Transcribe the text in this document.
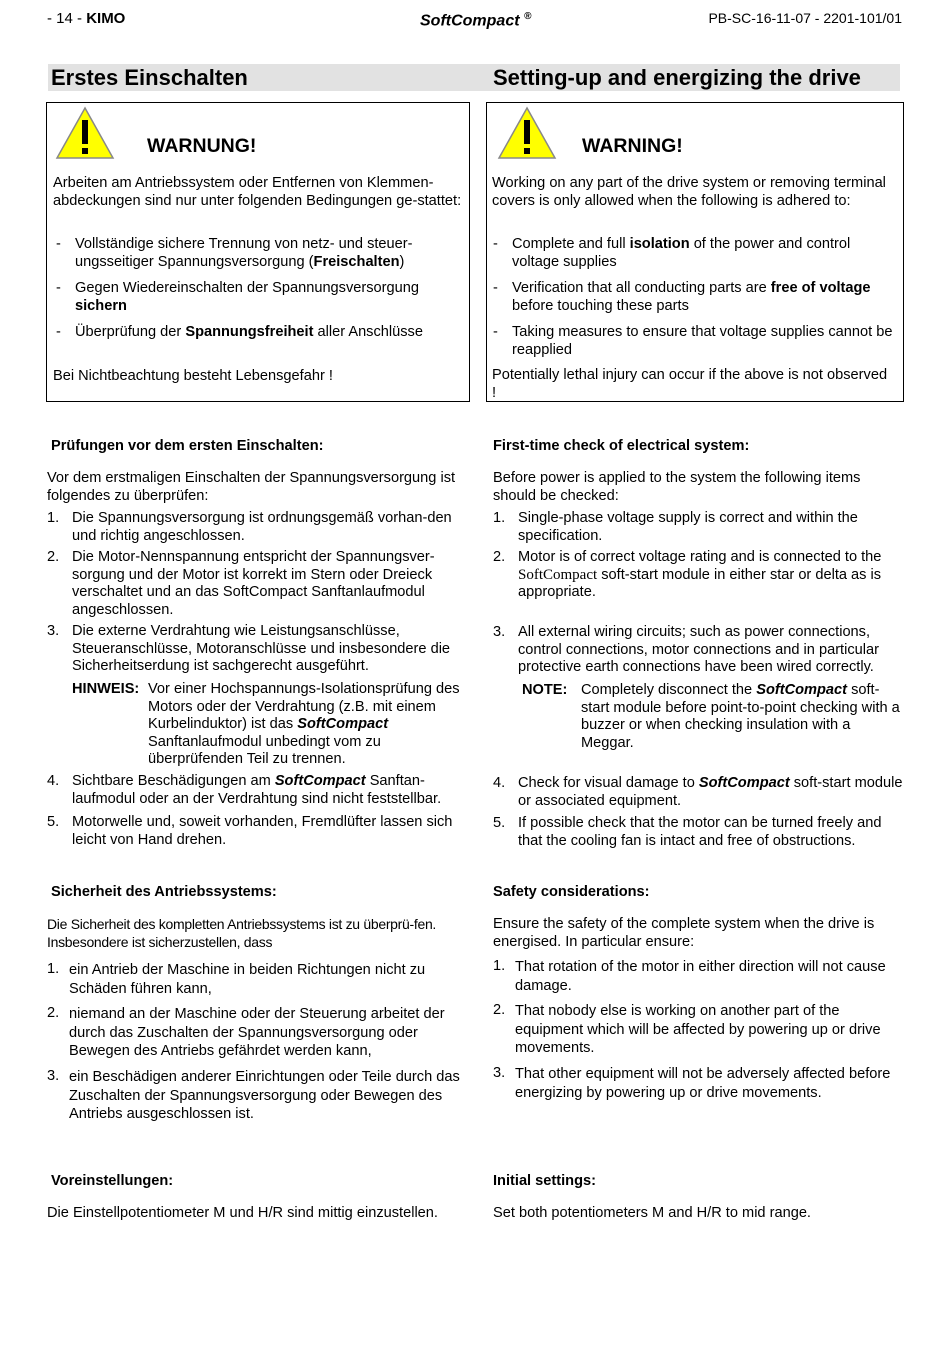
- 14 - KIMO	SoftCompact ®	PB-SC-16-11-07 - 2201-101/01
Erstes Einschalten	Setting-up and energizing the drive
WARNUNG!	WARNING!
Arbeiten am Antriebssystem oder Entfernen von Klemmen-abdeckungen sind nur unter folgenden Bedingungen ge-stattet:
- Vollständige sichere Trennung von netz- und steuer-ungsseitiger Spannungsversorgung (Freischalten)
- Gegen Wiedereinschalten der Spannungsversorgung sichern
- Überprüfung der Spannungsfreiheit aller Anschlüsse
Bei Nichtbeachtung besteht Lebensgefahr !
Working on any part of the drive system or removing terminal covers is only allowed when the following is adhered to:
- Complete and full isolation of the power and control voltage supplies
- Verification that all conducting parts are free of voltage before touching these parts
- Taking measures to ensure that voltage supplies cannot be reapplied
Potentially lethal injury can occur if the above is not observed !
Prüfungen vor dem ersten Einschalten:
Vor dem erstmaligen Einschalten der Spannungsversorgung ist folgendes zu überprüfen:
1. Die Spannungsversorgung ist ordnungsgemäß vorhan-den und richtig angeschlossen.
2. Die Motor-Nennspannung entspricht der Spannungsver-sorgung und der Motor ist korrekt im Stern oder Dreieck verschaltet und an das SoftCompact Sanftanlaufmodul angeschlossen.
3. Die externe Verdrahtung wie Leistungsanschlüsse, Steueranschlüsse, Motoranschlüsse und insbesondere die Sicherheitserdung ist sachgerecht ausgeführt.
HINWEIS: Vor einer Hochspannungs-Isolationsprüfung des Motors oder der Verdrahtung (z.B. mit einem Kurbelinduktor) ist das SoftCompact Sanftanlaufmodul unbedingt vom zu überprüfenden Teil zu trennen.
4. Sichtbare Beschädigungen am SoftCompact Sanftan-laufmodul oder an der Verdrahtung sind nicht feststellbar.
5. Motorwelle und, soweit vorhanden, Fremdlüfter lassen sich leicht von Hand drehen.
First-time check of electrical system:
Before power is applied to the system the following items should be checked:
1. Single-phase voltage supply is correct and within the specification.
2. Motor is of correct voltage rating and is connected to the SoftCompact soft-start module in either star or delta as is appropriate.
3. All external wiring circuits; such as power connections, control connections, motor connections and in particular protective earth connections have been wired correctly.
NOTE: Completely disconnect the SoftCompact soft-start module before point-to-point checking with a buzzer or when checking insulation with a Meggar.
4. Check for visual damage to SoftCompact soft-start module or associated equipment.
5. If possible check that the motor can be turned freely and that the cooling fan is intact and free of obstructions.
Sicherheit des Antriebssystems:
Die Sicherheit des kompletten Antriebssystems ist zu überprü-fen. Insbesondere ist sicherzustellen, dass
1. ein Antrieb der Maschine in beiden Richtungen nicht zu Schäden führen kann,
2. niemand an der Maschine oder der Steuerung arbeitet der durch das Zuschalten der Spannungsversorgung oder Bewegen des Antriebs gefährdet werden kann,
3. ein Beschädigen anderer Einrichtungen oder Teile durch das Zuschalten der Spannungsversorgung oder Bewegen des Antriebs ausgeschlossen ist.
Safety considerations:
Ensure the safety of the complete system when the drive is energised. In particular ensure:
1. That rotation of the motor in either direction will not cause damage.
2. That nobody else is working on another part of the equipment which will be affected by powering up or drive movements.
3. That other equipment will not be adversely affected before energizing by powering up or drive movements.
Voreinstellungen:
Die Einstellpotentiometer M und H/R sind mittig einzustellen.
Initial settings:
Set both potentiometers M and H/R to mid range.
